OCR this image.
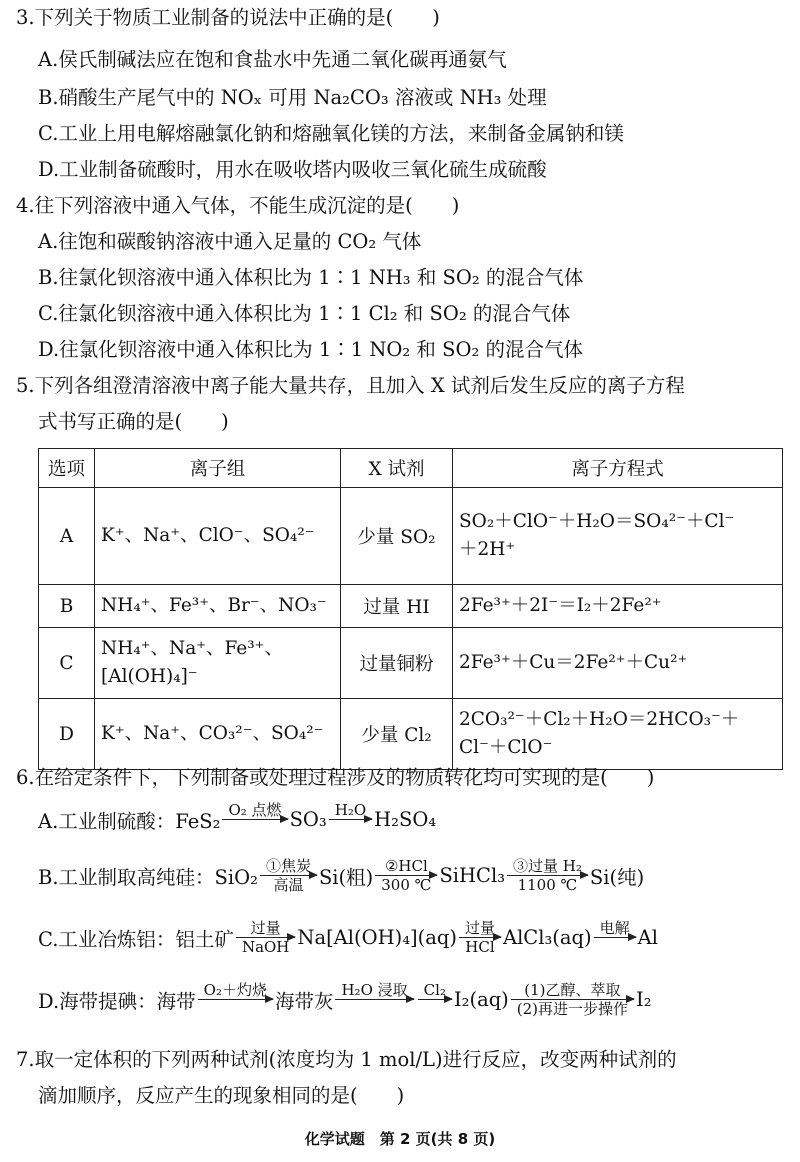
3.下列关于物质工业制备的说法中正确的是(　　)
A.侯氏制碱法应在饱和食盐水中先通二氧化碳再通氨气
B.硝酸生产尾气中的 NOₓ 可用 Na₂CO₃ 溶液或 NH₃ 处理
C.工业上用电解熔融氯化钠和熔融氧化镁的方法，来制备金属钠和镁
D.工业制备硫酸时，用水在吸收塔内吸收三氧化硫生成硫酸
4.往下列溶液中通入气体，不能生成沉淀的是(　　)
A.往饱和碳酸钠溶液中通入足量的 CO₂ 气体
B.往氯化钡溶液中通入体积比为 1∶1 NH₃ 和 SO₂ 的混合气体
C.往氯化钡溶液中通入体积比为 1∶1 Cl₂ 和 SO₂ 的混合气体
D.往氯化钡溶液中通入体积比为 1∶1 NO₂ 和 SO₂ 的混合气体
5.下列各组澄清溶液中离子能大量共存，且加入 X 试剂后发生反应的离子方程
式书写正确的是(　　)
选项	离子组	X 试剂	离子方程式
A	K⁺、Na⁺、ClO⁻、SO₄²⁻	少量 SO₂	SO₂＋ClO⁻＋H₂O＝SO₄²⁻＋Cl⁻
＋2H⁺

B	NH₄⁺、Fe³⁺、Br⁻、NO₃⁻	过量 HI	2Fe³⁺＋2I⁻＝I₂＋2Fe²⁺

C	NH₄⁺、Na⁺、Fe³⁺、
[Al(OH)₄]⁻	过量铜粉	2Fe³⁺＋Cu＝2Fe²⁺＋Cu²⁺

D	K⁺、Na⁺、CO₃²⁻、SO₄²⁻	少量 Cl₂	2CO₃²⁻＋Cl₂＋H₂O＝2HCO₃⁻＋
Cl⁻＋ClO⁻
6.在给定条件下，下列制备或处理过程涉及的物质转化均可实现的是(　　)
A.工业制硫酸：FeS₂ O₂ 点燃 SO₃ H₂O H₂SO₄
B.工业制取高纯硅：SiO₂ ①焦炭
高温 Si(粗) ②HCl
300 ℃ SiHCl₃ ③过量 H₂
1100 ℃ Si(纯)
C.工业冶炼铝：铝土矿	过量
NaOH Na[Al(OH)₄](aq) 过量
HCl AlCl₃(aq) 电解 Al
D.海带提碘：海带 O₂＋灼烧 海带灰 H₂O 浸取	Cl₂ I₂(aq)	(1)乙醇、萃取
(2)再进一步操作 I₂
7.取一定体积的下列两种试剂(浓度均为 1 mol/L)进行反应，改变两种试剂的
滴加顺序，反应产生的现象相同的是(　　)
化学试题　第 2 页(共 8 页)
